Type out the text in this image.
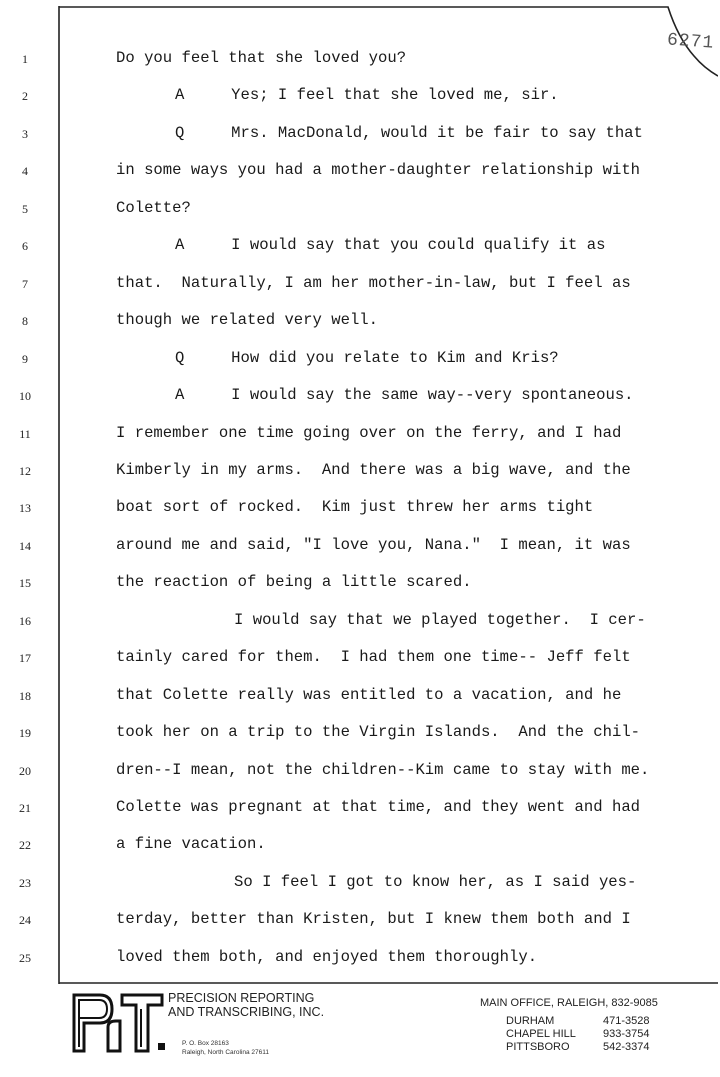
1
2
3
4
5
6
7
8
9
10
11
12
13
14
15
16
17
18
19
20
21
22
23
24
25
6271
Do you feel that she loved you?
A     Yes; I feel that she loved me, sir.
Q     Mrs. MacDonald, would it be fair to say that
in some ways you had a mother-daughter relationship with
Colette?
A     I would say that you could qualify it as
that.  Naturally, I am her mother-in-law, but I feel as
though we related very well.
Q     How did you relate to Kim and Kris?
A     I would say the same way--very spontaneous.
I remember one time going over on the ferry, and I had
Kimberly in my arms.  And there was a big wave, and the
boat sort of rocked.  Kim just threw her arms tight
around me and said, "I love you, Nana."  I mean, it was
the reaction of being a little scared.
I would say that we played together.  I cer-
tainly cared for them.  I had them one time-- Jeff felt
that Colette really was entitled to a vacation, and he
took her on a trip to the Virgin Islands.  And the chil-
dren--I mean, not the children--Kim came to stay with me.
Colette was pregnant at that time, and they went and had
a fine vacation.
So I feel I got to know her, as I said yes-
terday, better than Kristen, but I knew them both and I
loved them both, and enjoyed them thoroughly.
PRECISION REPORTING
AND TRANSCRIBING, INC.
P. O. Box 28163
Raleigh, North Carolina 27611
MAIN OFFICE, RALEIGH, 832-9085
DURHAM	471-3528
CHAPEL HILL 933-3754
PITTSBORO	542-3374
